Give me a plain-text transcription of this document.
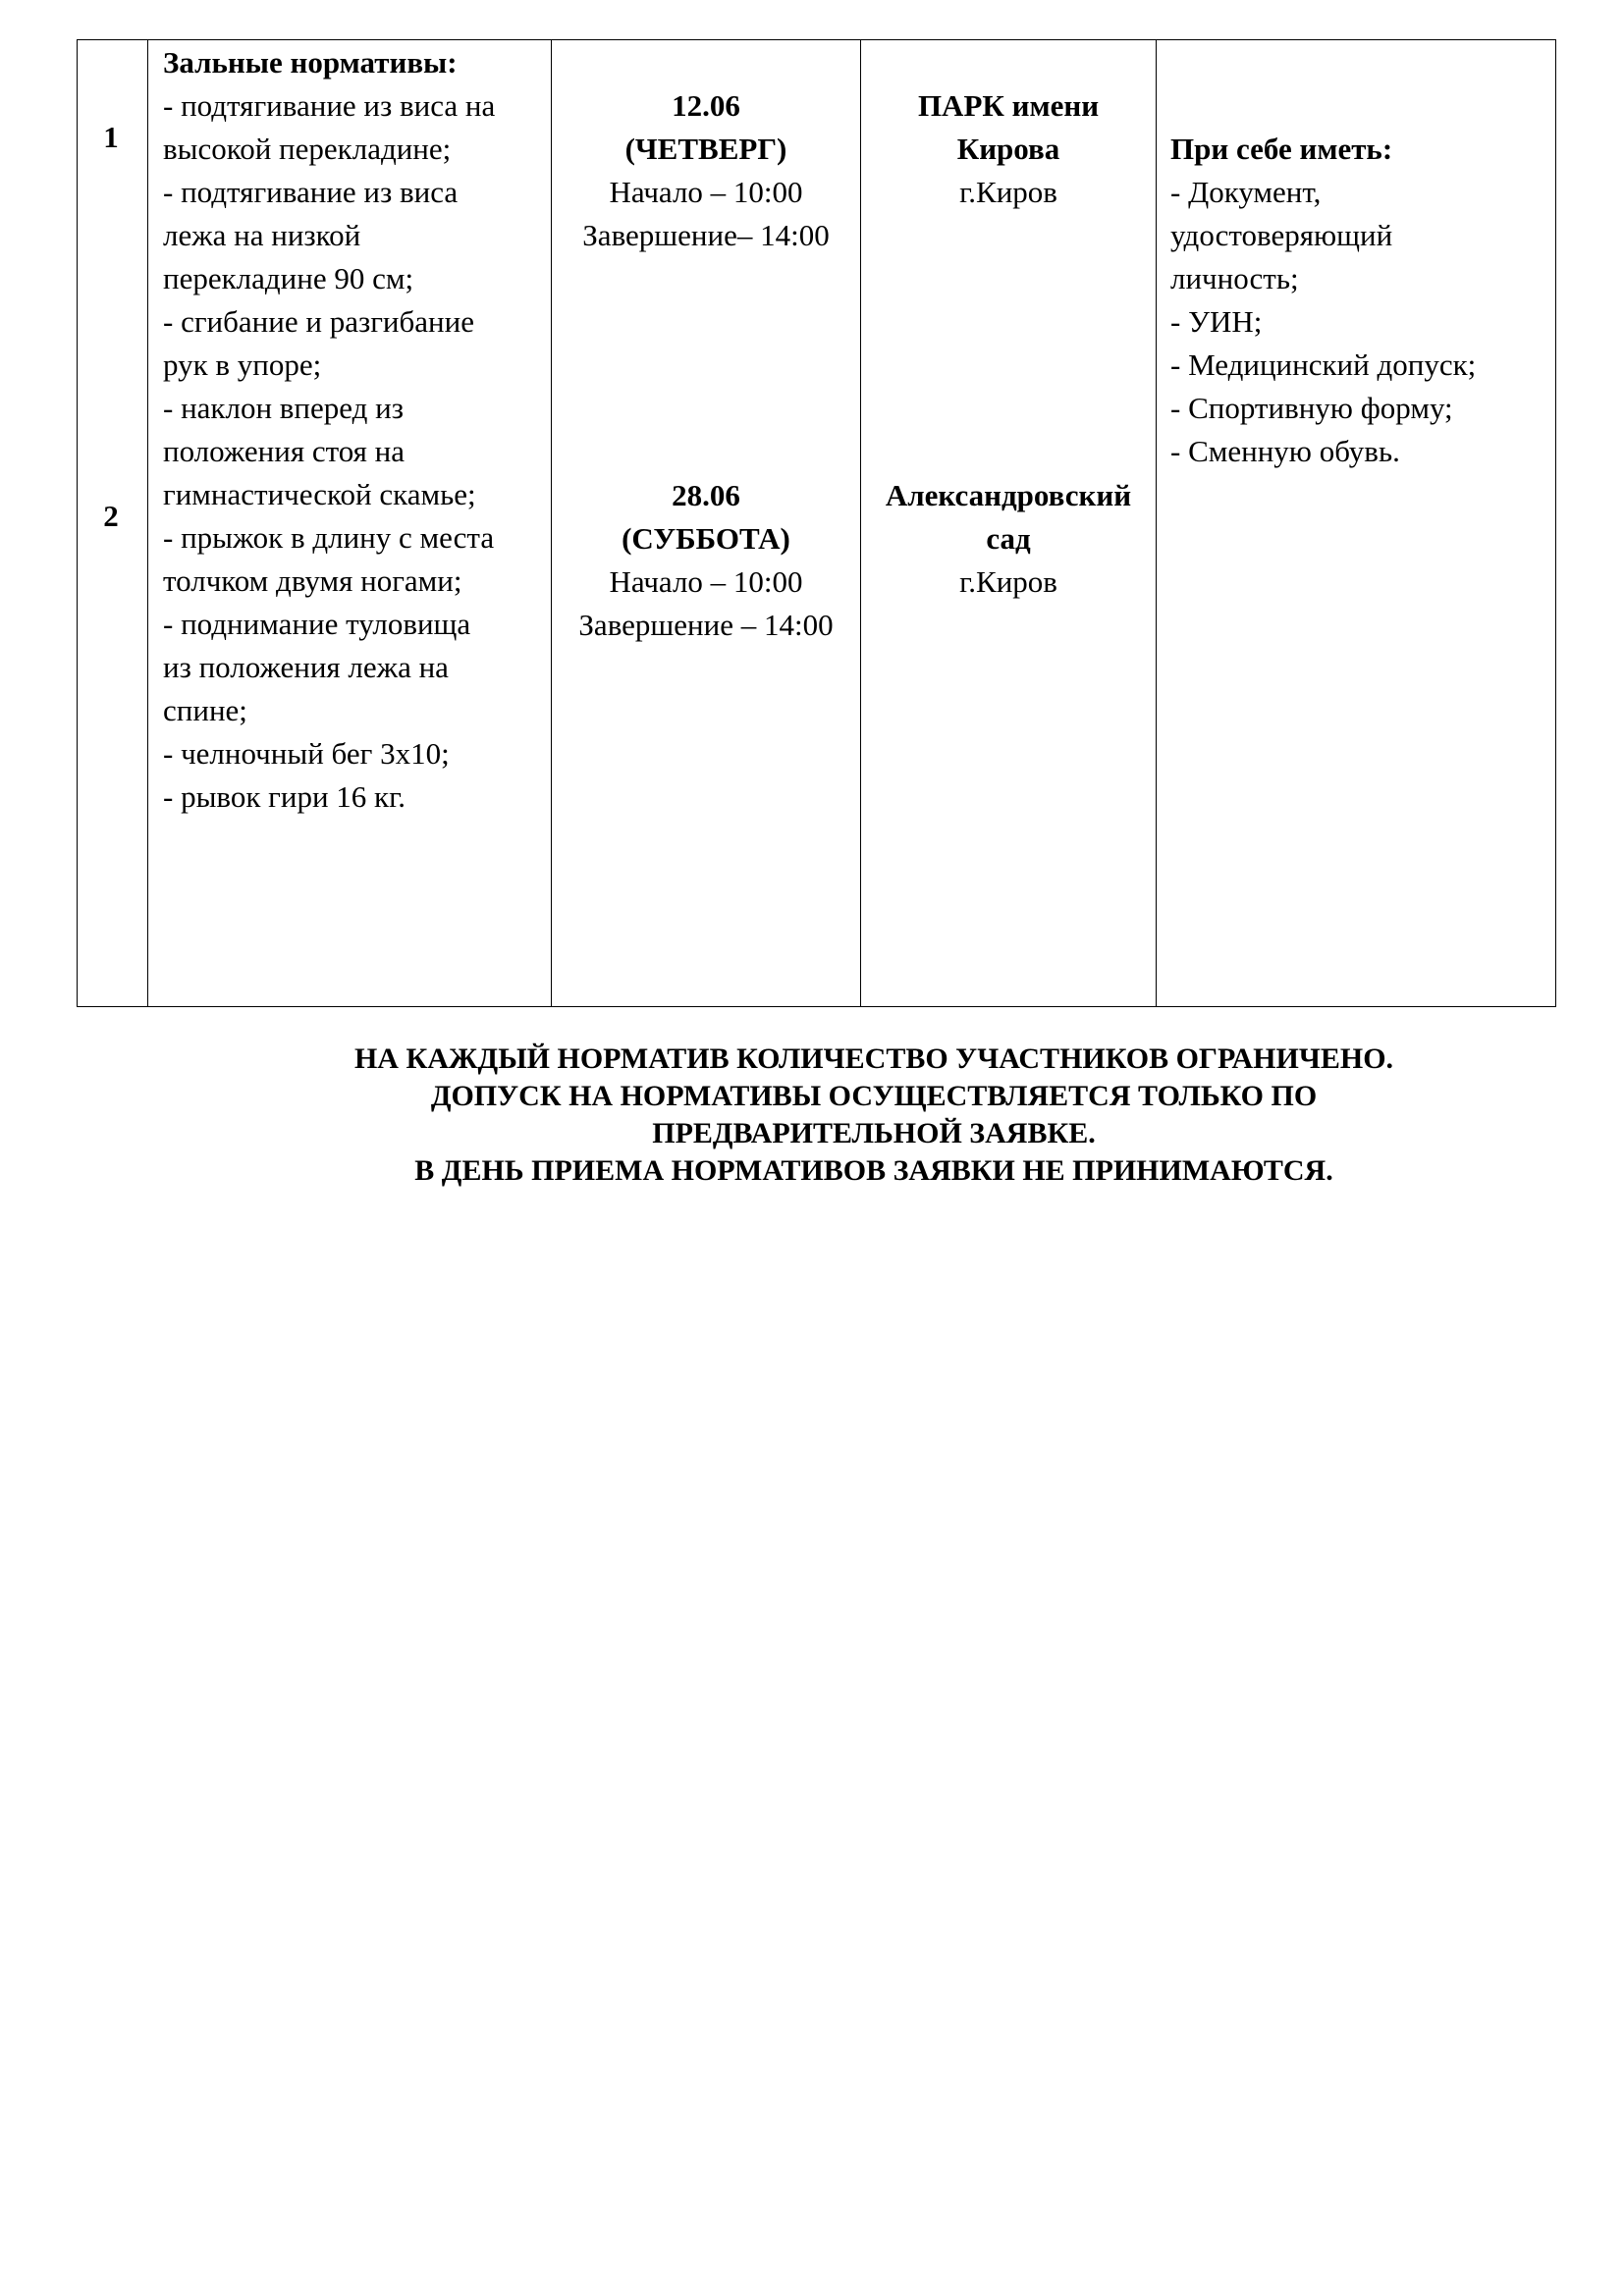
1
2
Зальные нормативы:
- подтягивание из виса на
высокой перекладине;
- подтягивание из виса
лежа на низкой
перекладине 90 см;
- сгибание и разгибание
рук в упоре;
- наклон вперед из
положения стоя на
гимнастической скамье;
- прыжок в длину с места
толчком двумя ногами;
- поднимание туловища
из положения лежа на
спине;
- челночный бег 3х10;
- рывок гири 16 кг.
12.06
(ЧЕТВЕРГ)
Начало – 10:00
Завершение– 14:00
28.06
(СУББОТА)
Начало – 10:00
Завершение – 14:00
ПАРК имени
Кирова
г.Киров
Александровский
сад
г.Киров
При себе иметь:
- Документ,
удостоверяющий
личность;
- УИН;
- Медицинский допуск;
- Спортивную форму;
- Сменную обувь.
НА КАЖДЫЙ НОРМАТИВ КОЛИЧЕСТВО УЧАСТНИКОВ ОГРАНИЧЕНО.
ДОПУСК НА НОРМАТИВЫ ОСУЩЕСТВЛЯЕТСЯ ТОЛЬКО ПО
ПРЕДВАРИТЕЛЬНОЙ ЗАЯВКЕ.
В ДЕНЬ ПРИЕМА НОРМАТИВОВ ЗАЯВКИ НЕ ПРИНИМАЮТСЯ.
